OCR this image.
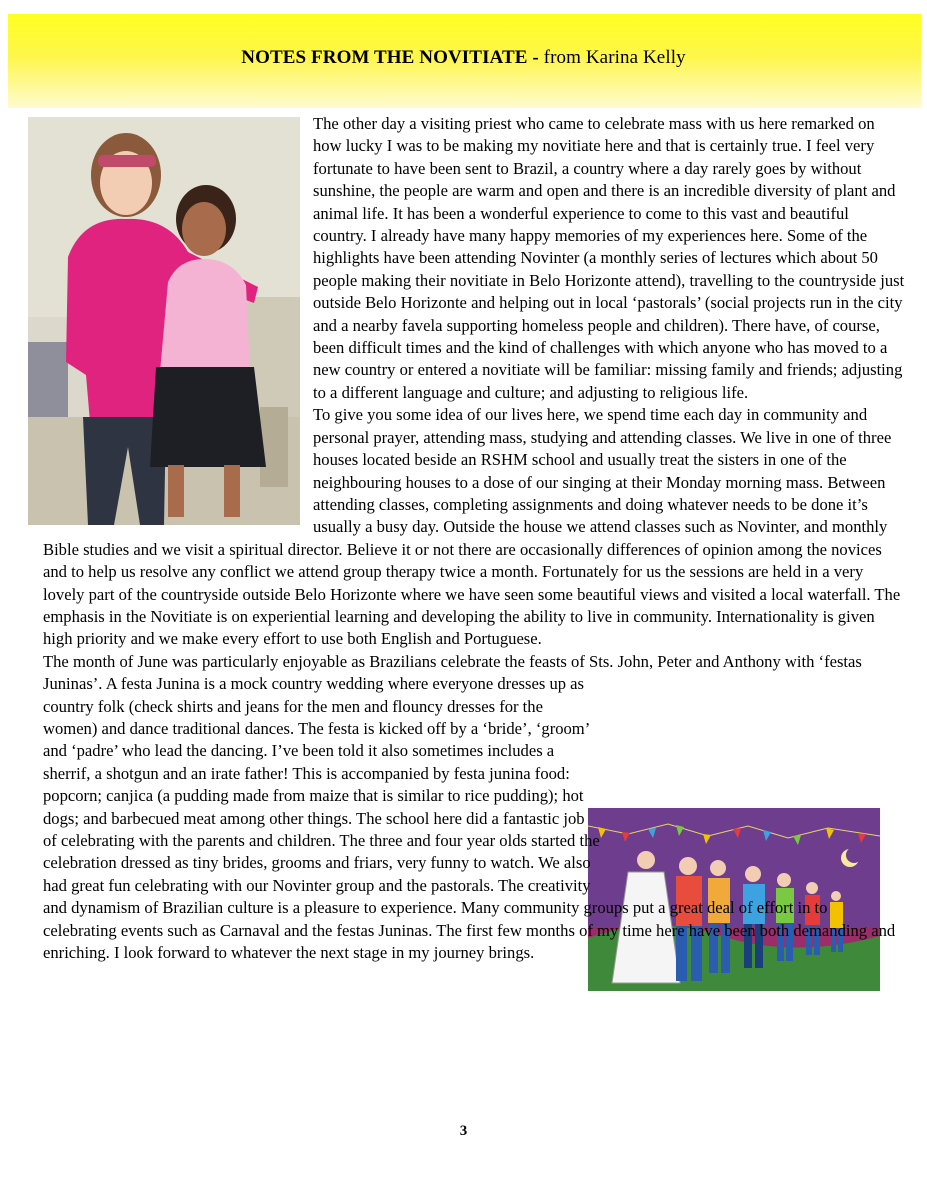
NOTES FROM THE NOVITIATE - from Karina Kelly

The other day a visiting priest who came to celebrate mass with us here remarked on how lucky I was to be making my novitiate here and that is certainly true. I feel very fortunate to have been sent to Brazil, a country where a day rarely goes by without sunshine, the people are warm and open and there is an incredible diversity of plant and animal life. It has been a wonderful experience to come to this vast and beautiful country. I already have many happy memories of my experiences here. Some of the highlights have been attending Novinter (a monthly series of lectures which about 50 people making their novitiate in Belo Horizonte attend), travelling to the countryside just outside Belo Horizonte and helping out in local ‘pastorals’ (social projects run in the city and a nearby favela supporting homeless people and children). There have, of course, been difficult times and the kind of challenges with which anyone who has moved to a new country or entered a novitiate will be familiar: missing family and friends; adjusting to a different language and culture; and adjusting to religious life.

To give you some idea of our lives here, we spend time each day in community and personal prayer, attending mass, studying and attending classes. We live in one of three houses located beside an RSHM school and usually treat the sisters in one of the neighbouring houses to a dose of our singing at their Monday morning mass. Between attending classes, completing assignments and doing whatever needs to be done it’s usually a busy day. Outside the house we attend classes such as Novinter, and monthly Bible studies and we visit a spiritual director. Believe it or not there are occasionally differences of opinion among the novices and to help us resolve any conflict we attend group therapy twice a month. Fortunately for us the sessions are held in a very lovely part of the countryside outside Belo Horizonte where we have seen some beautiful views and visited a local waterfall. The emphasis in the Novitiate is on experiential learning and developing the ability to live in community. Internationality is given high priority and we make every effort to use both English and Portuguese.

The month of June was particularly enjoyable as Brazilians celebrate the feasts of Sts. John, Peter and Anthony with ‘festas Juninas’. A festa Junina is a mock country wedding where everyone dresses up as

country folk (check shirts and jeans for the men and flouncy dresses for the women) and dance traditional dances. The festa is kicked off by a ‘bride’, ‘groom’ and ‘padre’ who lead the dancing. I’ve been told it also sometimes includes a sherrif, a shotgun and an irate father! This is accompanied by festa junina food: popcorn; canjica (a pudding made from maize that is similar to rice pudding); hot dogs; and barbecued meat among other things. The school here did a fantastic job of celebrating with the parents and children. The three and four year olds started the celebration dressed as tiny brides, grooms and friars, very funny to watch. We also had great fun celebrating with our Novinter group and the pastorals. The creativity and dynamism of Brazilian culture is a pleasure to experience. Many community groups put a great deal of effort in to celebrating events such as Carnaval and the festas Juninas. The first few months of my time here have been both demanding and enriching. I look forward to whatever the next stage in my journey brings.

3
